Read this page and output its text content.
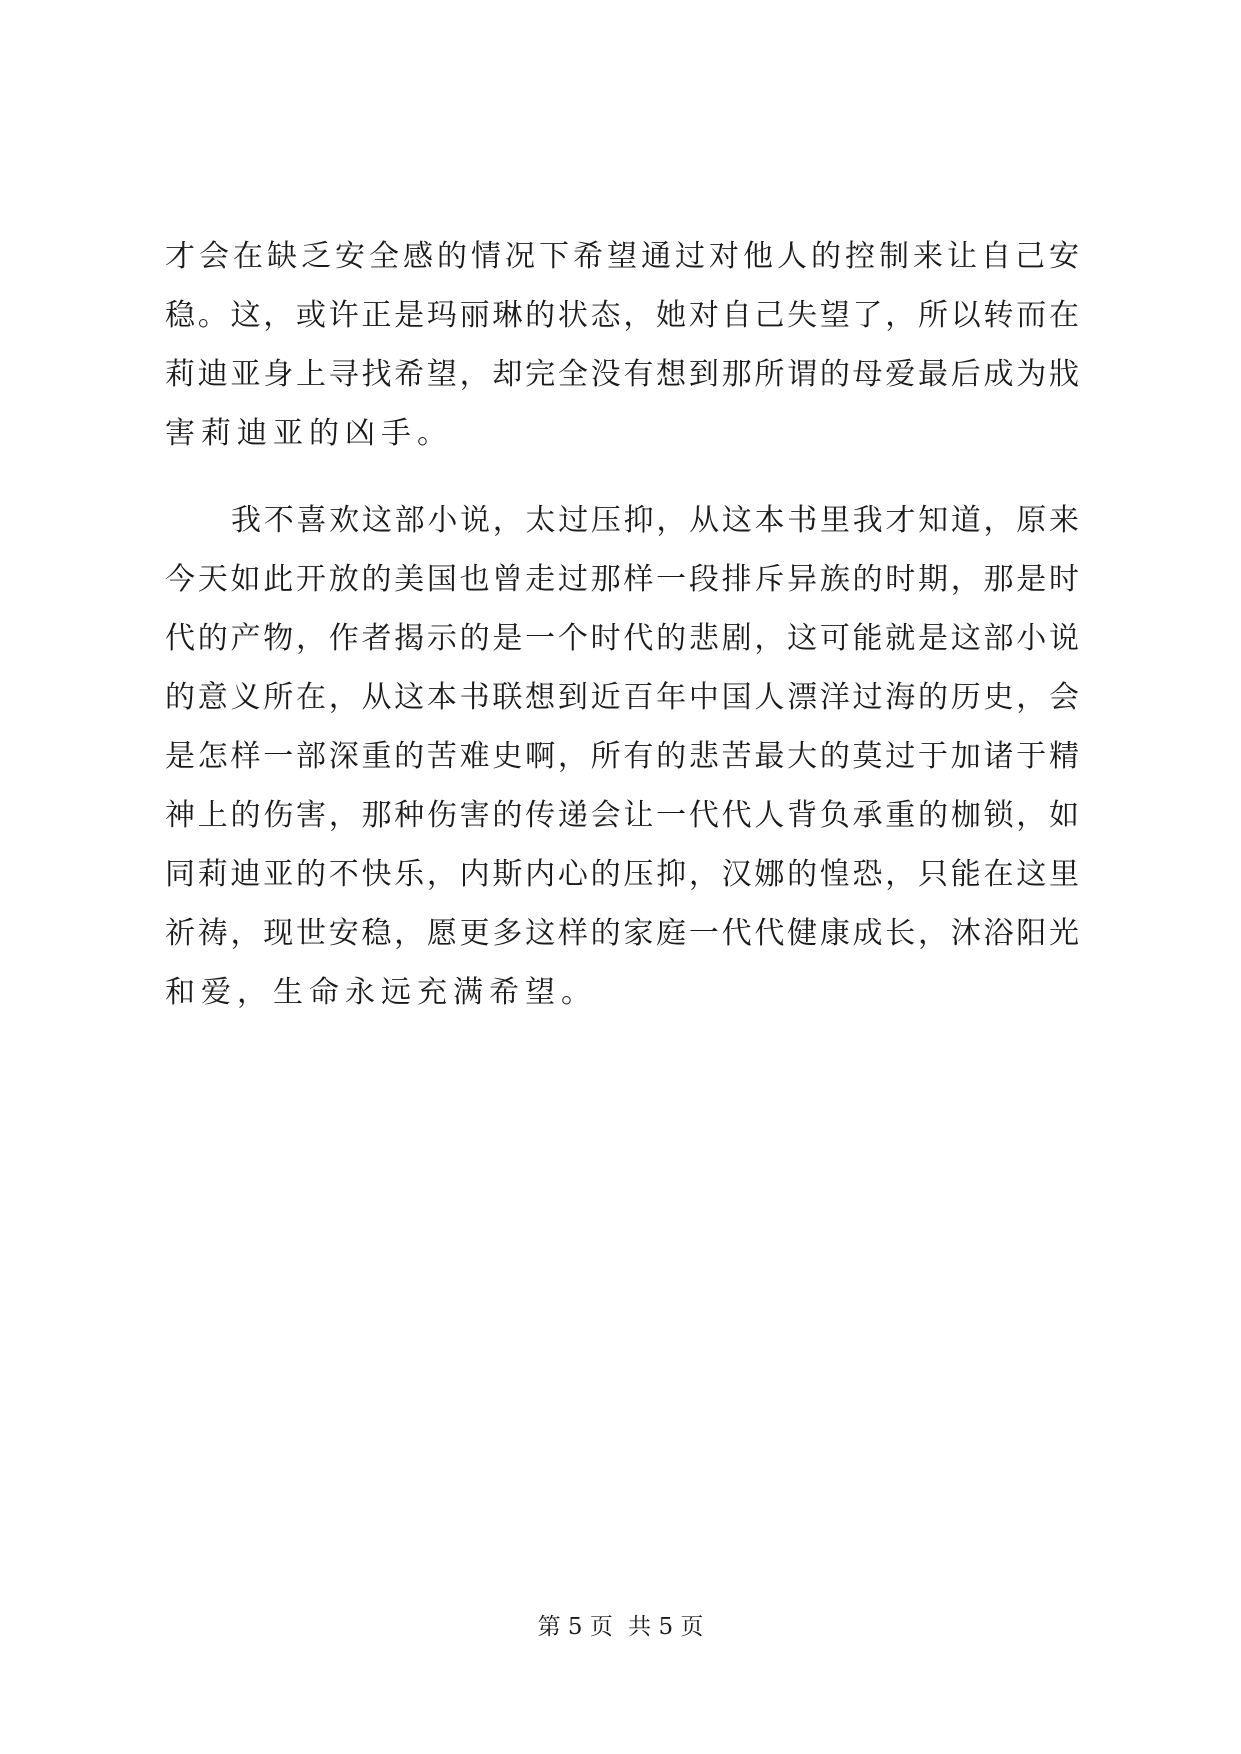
才会在缺乏安全感的情况下希望通过对他人的控制来让自己安
稳。这，或许正是玛丽琳的状态，她对自己失望了，所以转而在
莉迪亚身上寻找希望，却完全没有想到那所谓的母爱最后成为戕
害莉迪亚的凶手。
我不喜欢这部小说，太过压抑，从这本书里我才知道，原来
今天如此开放的美国也曾走过那样一段排斥异族的时期，那是时
代的产物，作者揭示的是一个时代的悲剧，这可能就是这部小说
的意义所在，从这本书联想到近百年中国人漂洋过海的历史，会
是怎样一部深重的苦难史啊，所有的悲苦最大的莫过于加诸于精
神上的伤害，那种伤害的传递会让一代代人背负承重的枷锁，如
同莉迪亚的不快乐，内斯内心的压抑，汉娜的惶恐，只能在这里
祈祷，现世安稳，愿更多这样的家庭一代代健康成长，沐浴阳光
和爱，生命永远充满希望。
第 5 页 共 5 页
